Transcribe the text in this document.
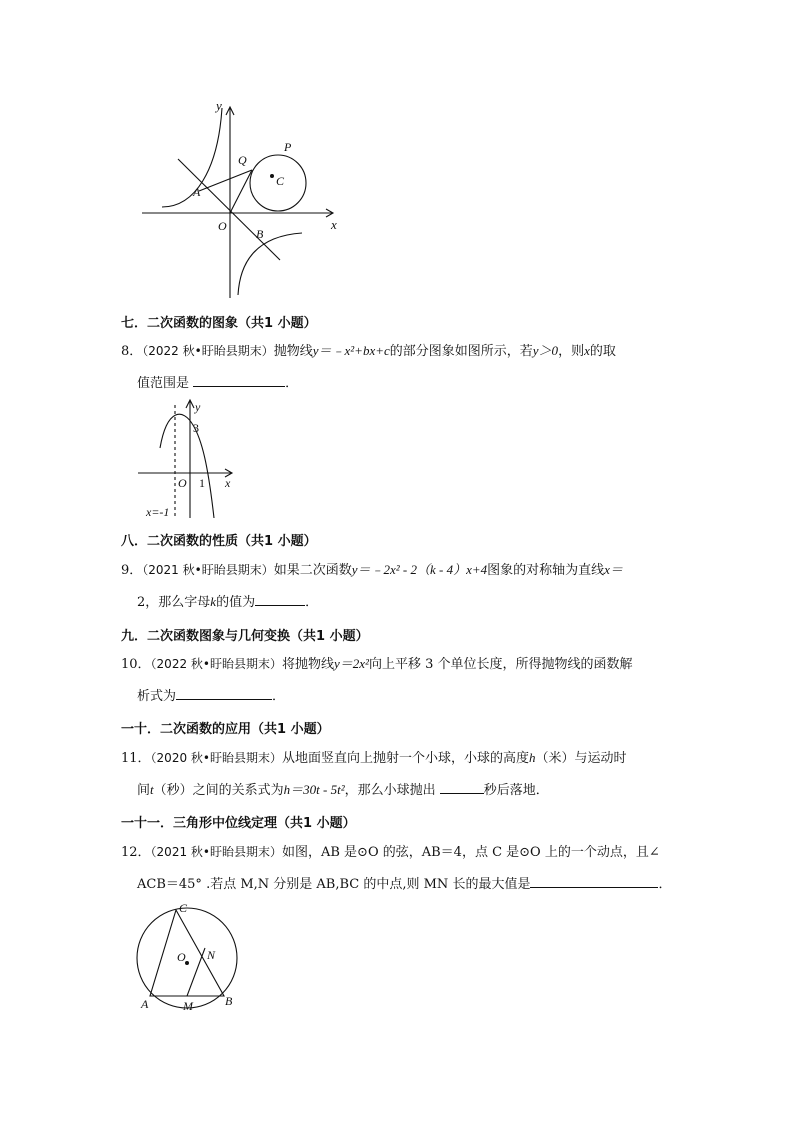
y
x
P
Q
C
A
O
B
七．二次函数的图象（共1 小题）
8．（2022 秋•盱眙县期末）抛物线y＝﹣x²+bx+c的部分图象如图所示，若y＞0，则x的取
值范围是	．
y
x
3
O 1
x=-1
八．二次函数的性质（共1 小题）
9．（2021 秋•盱眙县期末）如果二次函数y＝﹣2x² - 2（k - 4）x+4图象的对称轴为直线x＝
2，那么字母k的值为	．
九．二次函数图象与几何变换（共1 小题）
10．（2022 秋•盱眙县期末）将抛物线y＝2x²向上平移 3 个单位长度，所得抛物线的函数解
析式为	．
一十．二次函数的应用（共1 小题）
11．（2020 秋•盱眙县期末）从地面竖直向上抛射一个小球，小球的高度h（米）与运动时
间t（秒）之间的关系式为h＝30t - 5t²，那么小球抛出	秒后落地．
一十一．三角形中位线定理（共1 小题）
12．（2021 秋•盱眙县期末）如图，AB 是⊙O 的弦，AB＝4，点 C 是⊙O 上的一个动点，且∠
ACB＝45° .若点 M,N 分别是 AB,BC 的中点,则 MN 长的最大值是	．
C
O N
A	M	B
